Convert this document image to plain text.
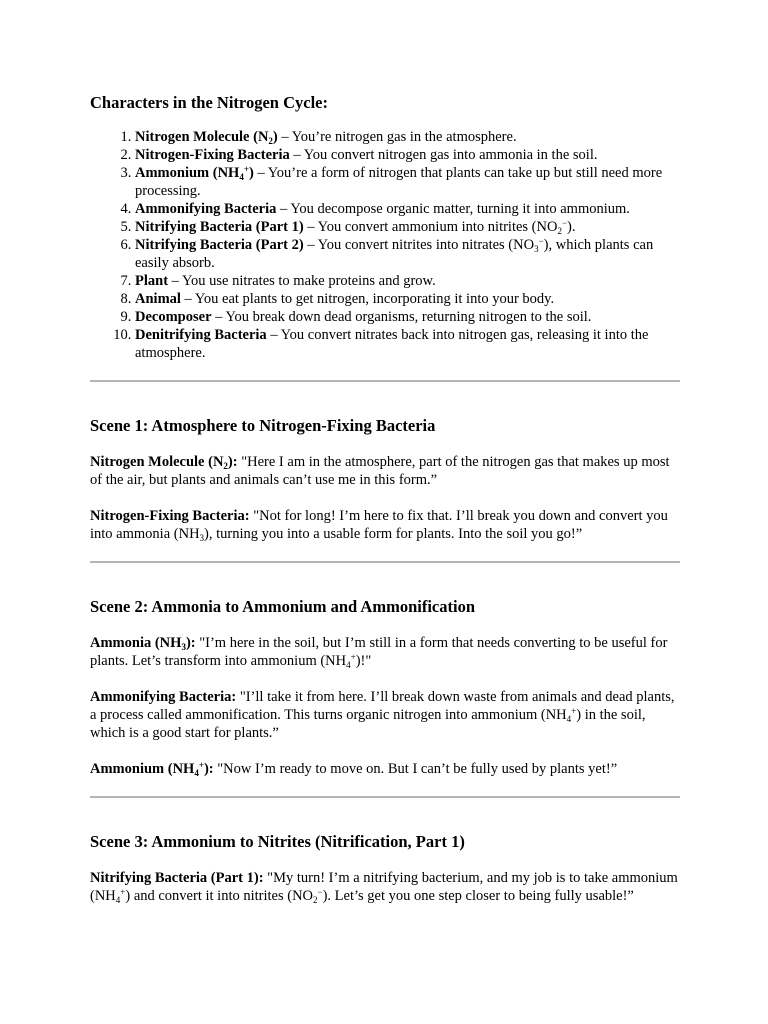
Characters in the Nitrogen Cycle:
1. Nitrogen Molecule $(N_2)$ – You’re nitrogen gas in the atmosphere.
2. Nitrogen-Fixing Bacteria – You convert nitrogen gas into ammonia in the soil.
3. Ammonium $(NH_4^+)$ – You’re a form of nitrogen that plants can take up but still need more processing.
4. Ammonifying Bacteria – You decompose organic matter, turning it into ammonium.
5. Nitrifying Bacteria (Part 1) – You convert ammonium into nitrites $(NO_2^-)$.
6. Nitrifying Bacteria (Part 2) – You convert nitrites into nitrates $(NO_3^-)$, which plants can easily absorb.
7. Plant – You use nitrates to make proteins and grow.
8. Animal – You eat plants to get nitrogen, incorporating it into your body.
9. Decomposer – You break down dead organisms, returning nitrogen to the soil.
10. Denitrifying Bacteria – You convert nitrates back into nitrogen gas, releasing it into the atmosphere.
Scene 1: Atmosphere to Nitrogen-Fixing Bacteria

Nitrogen Molecule $(N_2)$: "Here I am in the atmosphere, part of the nitrogen gas that makes up most of the air, but plants and animals can’t use me in this form.”

Nitrogen-Fixing Bacteria: "Not for long! I’m here to fix that. I’ll break you down and convert you into ammonia $(NH_3)$, turning you into a usable form for plants. Into the soil you go!”

Scene 2: Ammonia to Ammonium and Ammonification

Ammonia $(NH_3)$: "I’m here in the soil, but I’m still in a form that needs converting to be useful for plants. Let’s transform into ammonium $(NH_4^+)$!"

Ammonifying Bacteria: "I’ll take it from here. I’ll break down waste from animals and dead plants, a process called ammonification. This turns organic nitrogen into ammonium $(NH_4^+)$ in the soil, which is a good start for plants.”

Ammonium $(NH_4^+)$: "Now I’m ready to move on. But I can’t be fully used by plants yet!”

Scene 3: Ammonium to Nitrites (Nitrification, Part 1)

Nitrifying Bacteria (Part 1): "My turn! I’m a nitrifying bacterium, and my job is to take ammonium $(NH_4^+)$ and convert it into nitrites $(NO_2^-)$. Let’s get you one step closer to being fully usable!”
